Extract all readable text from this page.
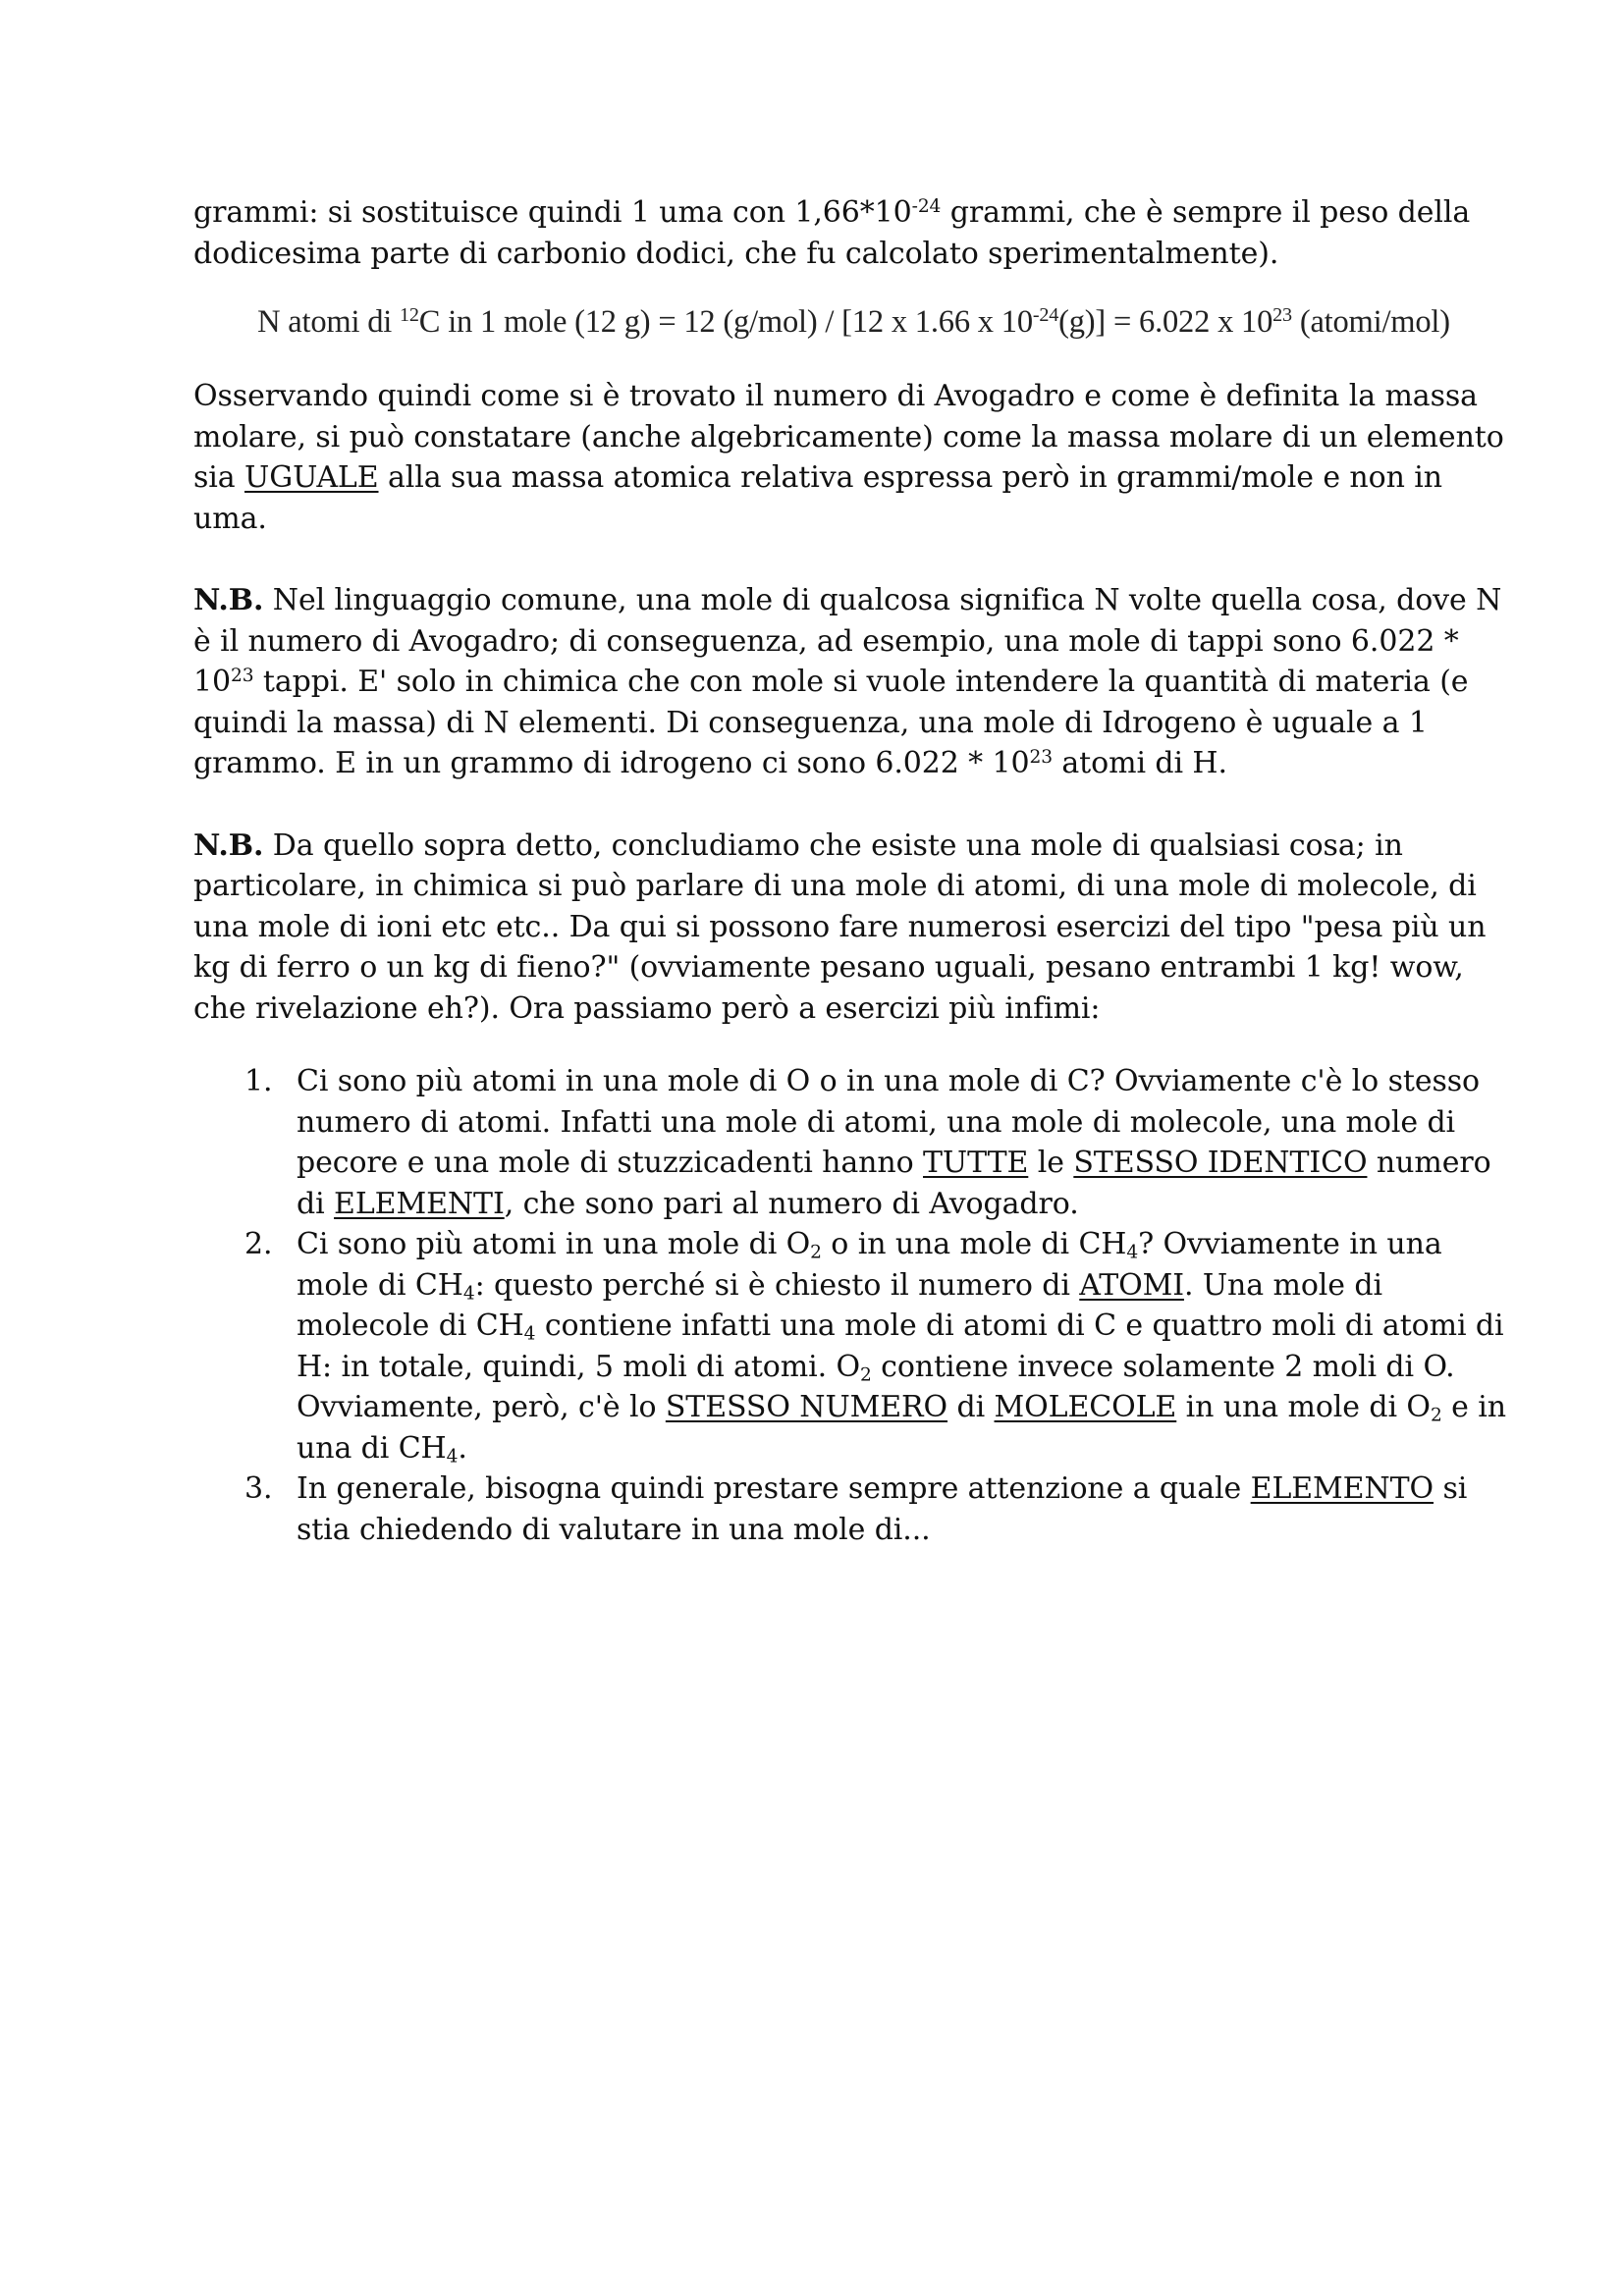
grammi: si sostituisce quindi 1 uma con $1,66*10^{-24}$ grammi, che è sempre il peso della dodicesima parte di carbonio dodici, che fu calcolato sperimentalmente).

N atomi di $^{12}$C in 1 mole (12 g) = 12 (g/mol) / [12 x 1.66 x $10^{-24}(g)] = 6.022$ x $10^{23}$ (atomi/mol)

Osservando quindi come si è trovato il numero di Avogadro e come è definita la massa molare, si può constatare (anche algebricamente) come la massa molare di un elemento sia UGUALE alla sua massa atomica relativa espressa però in grammi/mole e non in uma.

N.B. Nel linguaggio comune, una mole di qualcosa significa N volte quella cosa, dove N è il numero di Avogadro; di conseguenza, ad esempio, una mole di tappi sono $6.022 * 10^{23}$ tappi. E' solo in chimica che con mole si vuole intendere la quantità di materia (e quindi la massa) di N elementi. Di conseguenza, una mole di Idrogeno è uguale a 1 grammo. E in un grammo di idrogeno ci sono $6.022 * 10^{23}$ atomi di H.

N.B. Da quello sopra detto, concludiamo che esiste una mole di qualsiasi cosa; in particolare, in chimica si può parlare di una mole di atomi, di una mole di molecole, di una mole di ioni etc etc.. Da qui si possono fare numerosi esercizi del tipo "pesa più un kg di ferro o un kg di fieno?" (ovviamente pesano uguali, pesano entrambi 1 kg! wow, che rivelazione eh?). Ora passiamo però a esercizi più infimi:

1. Ci sono più atomi in una mole di O o in una mole di C? Ovviamente c'è lo stesso numero di atomi. Infatti una mole di atomi, una mole di molecole, una mole di pecore e una mole di stuzzicadenti hanno TUTTE le STESSO IDENTICO numero di ELEMENTI, che sono pari al numero di Avogadro.
2. Ci sono più atomi in una mole di $O_2$ o in una mole di $CH_4$? Ovviamente in una mole di $CH_4$: questo perché si è chiesto il numero di ATOMI. Una mole di molecole di $CH_4$ contiene infatti una mole di atomi di C e quattro moli di atomi di H: in totale, quindi, 5 moli di atomi. $O_2$ contiene invece solamente 2 moli di O. Ovviamente, però, c'è lo STESSO NUMERO di MOLECOLE in una mole di $O_2$ e in una di $CH_4$.
3. In generale, bisogna quindi prestare sempre attenzione a quale ELEMENTO si stia chiedendo di valutare in una mole di...
